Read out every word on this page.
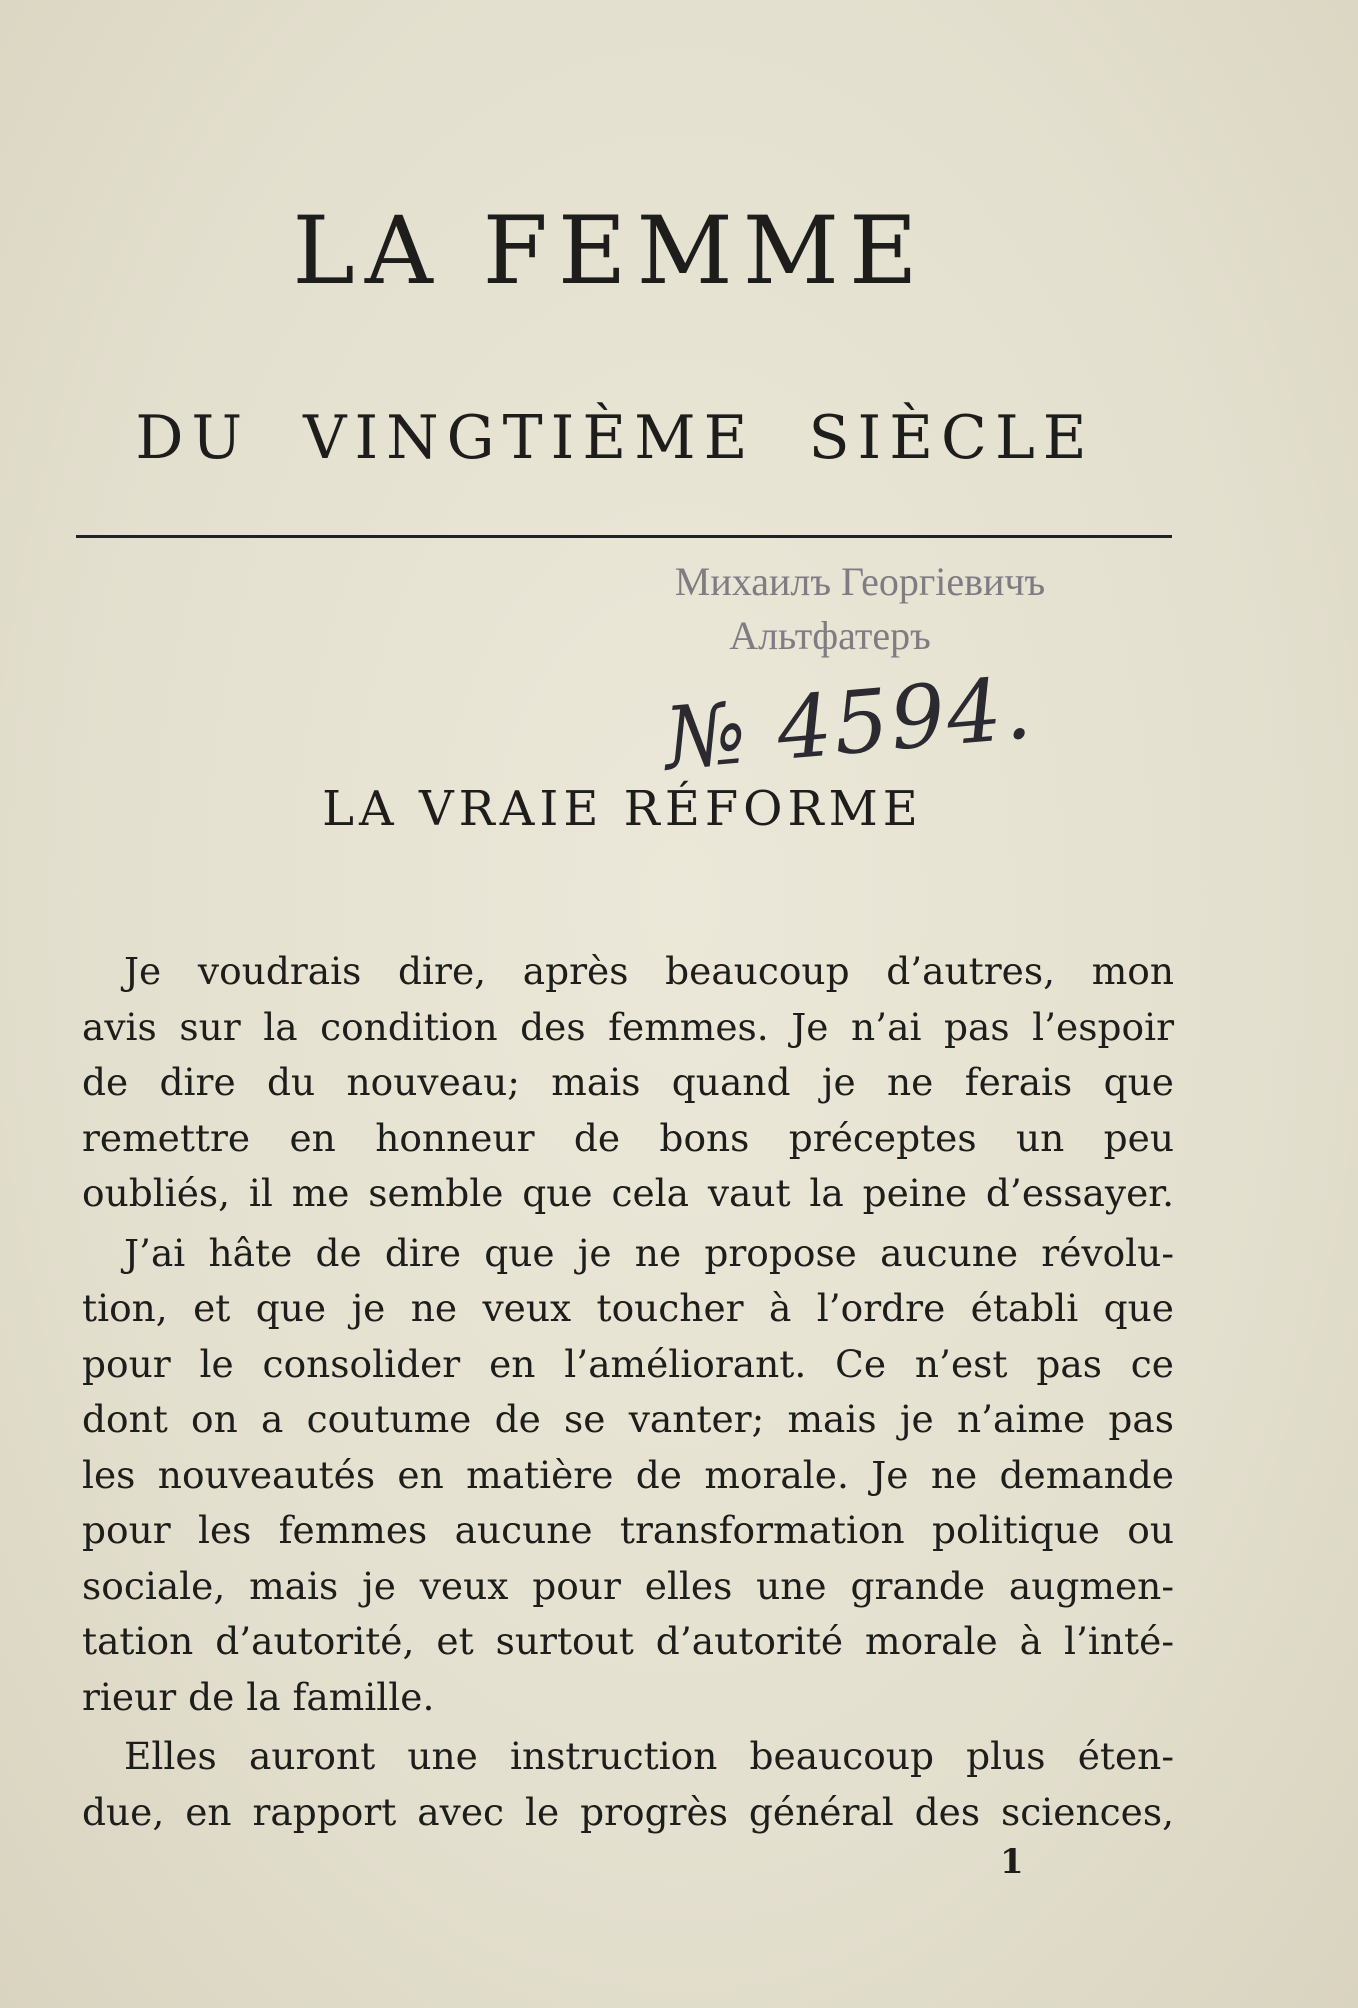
LA FEMME
DU VINGTIÈME SIÈCLE
Михаилъ Георгіевичъ
Альтфатеръ
№ 4594.
LA VRAIE RÉFORME

Je voudrais dire, après beaucoup d’autres, mon
avis sur la condition des femmes. Je n’ai pas l’espoir
de dire du nouveau; mais quand je ne ferais que
remettre en honneur de bons préceptes un peu
oubliés, il me semble que cela vaut la peine d’essayer.

J’ai hâte de dire que je ne propose aucune révolu-
tion, et que je ne veux toucher à l’ordre établi que
pour le consolider en l’améliorant. Ce n’est pas ce
dont on a coutume de se vanter; mais je n’aime pas
les nouveautés en matière de morale. Je ne demande
pour les femmes aucune transformation politique ou
sociale, mais je veux pour elles une grande augmen-
tation d’autorité, et surtout d’autorité morale à l’inté-
rieur de la famille.

Elles auront une instruction beaucoup plus éten-
due, en rapport avec le progrès général des sciences,

1
